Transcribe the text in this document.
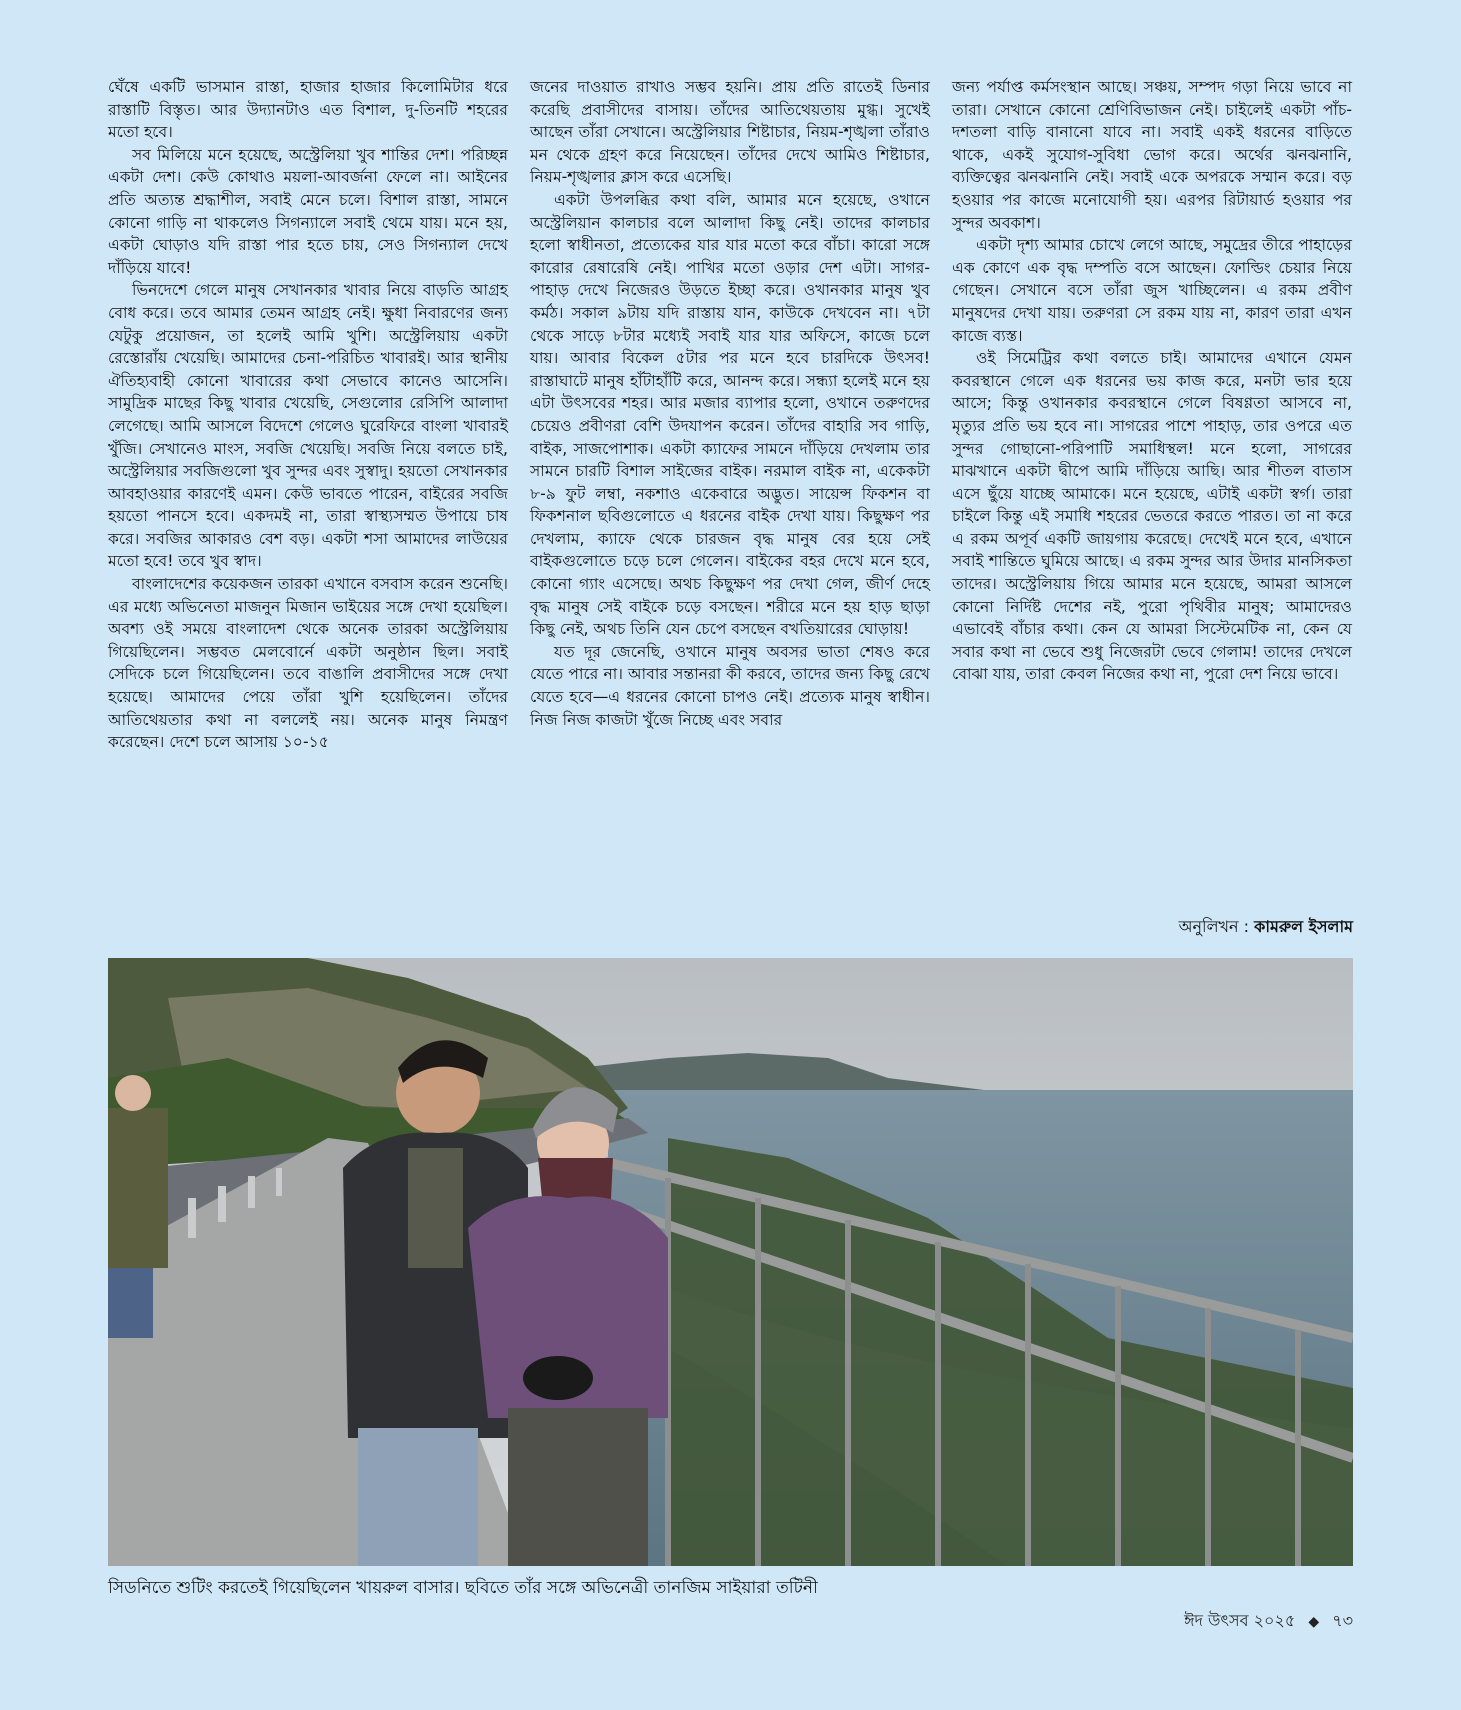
ঘেঁষে একটি ভাসমান রাস্তা, হাজার হাজার কিলোমিটার ধরে রাস্তাটি বিস্তৃত। আর উদ্যানটাও এত বিশাল, দু-তিনটি শহরের মতো হবে।

সব মিলিয়ে মনে হয়েছে, অস্ট্রেলিয়া খুব শান্তির দেশ। পরিচ্ছন্ন একটা দেশ। কেউ কোথাও ময়লা-আবর্জনা ফেলে না। আইনের প্রতি অত্যন্ত শ্রদ্ধাশীল, সবাই মেনে চলে। বিশাল রাস্তা, সামনে কোনো গাড়ি না থাকলেও সিগন্যালে সবাই থেমে যায়। মনে হয়, একটা ঘোড়াও যদি রাস্তা পার হতে চায়, সেও সিগন্যাল দেখে দাঁড়িয়ে যাবে!

ভিনদেশে গেলে মানুষ সেখানকার খাবার নিয়ে বাড়তি আগ্রহ বোধ করে। তবে আমার তেমন আগ্রহ নেই। ক্ষুধা নিবারণের জন্য যেটুকু প্রয়োজন, তা হলেই আমি খুশি। অস্ট্রেলিয়ায় একটা রেস্তোরাঁয় খেয়েছি। আমাদের চেনা-পরিচিত খাবারই। আর স্থানীয় ঐতিহ্যবাহী কোনো খাবারের কথা সেভাবে কানেও আসেনি। সামুদ্রিক মাছের কিছু খাবার খেয়েছি, সেগুলোর রেসিপি আলাদা লেগেছে। আমি আসলে বিদেশে গেলেও ঘুরেফিরে বাংলা খাবারই খুঁজি। সেখানেও মাংস, সবজি খেয়েছি। সবজি নিয়ে বলতে চাই, অস্ট্রেলিয়ার সবজিগুলো খুব সুন্দর এবং সুস্বাদু। হয়তো সেখানকার আবহাওয়ার কারণেই এমন। কেউ ভাবতে পারেন, বাইরের সবজি হয়তো পানসে হবে। একদমই না, তারা স্বাস্থ্যসম্মত উপায়ে চাষ করে। সবজির আকারও বেশ বড়। একটা শসা আমাদের লাউয়ের মতো হবে! তবে খুব স্বাদ।

বাংলাদেশের কয়েকজন তারকা এখানে বসবাস করেন শুনেছি। এর মধ্যে অভিনেতা মাজনুন মিজান ভাইয়ের সঙ্গে দেখা হয়েছিল। অবশ্য ওই সময়ে বাংলাদেশ থেকে অনেক তারকা অস্ট্রেলিয়ায় গিয়েছিলেন। সম্ভবত মেলবোর্নে একটা অনুষ্ঠান ছিল। সবাই সেদিকে চলে গিয়েছিলেন। তবে বাঙালি প্রবাসীদের সঙ্গে দেখা হয়েছে। আমাদের পেয়ে তাঁরা খুশি হয়েছিলেন। তাঁদের আতিথেয়তার কথা না বললেই নয়। অনেক মানুষ নিমন্ত্রণ করেছেন। দেশে চলে আসায় ১০-১৫

জনের দাওয়াত রাখাও সম্ভব হয়নি। প্রায় প্রতি রাতেই ডিনার করেছি প্রবাসীদের বাসায়। তাঁদের আতিথেয়তায় মুগ্ধ। সুখেই আছেন তাঁরা সেখানে। অস্ট্রেলিয়ার শিষ্টাচার, নিয়ম-শৃঙ্খলা তাঁরাও মন থেকে গ্রহণ করে নিয়েছেন। তাঁদের দেখে আমিও শিষ্টাচার, নিয়ম-শৃঙ্খলার ক্লাস করে এসেছি।

একটা উপলব্ধির কথা বলি, আমার মনে হয়েছে, ওখানে অস্ট্রেলিয়ান কালচার বলে আলাদা কিছু নেই। তাদের কালচার হলো স্বাধীনতা, প্রত্যেকের যার যার মতো করে বাঁচা। কারো সঙ্গে কারোর রেষারেষি নেই। পাখির মতো ওড়ার দেশ এটা। সাগর-পাহাড় দেখে নিজেরও উড়তে ইচ্ছা করে। ওখানকার মানুষ খুব কর্মঠ। সকাল ৯টায় যদি রাস্তায় যান, কাউকে দেখবেন না। ৭টা থেকে সাড়ে ৮টার মধ্যেই সবাই যার যার অফিসে, কাজে চলে যায়। আবার বিকেল ৫টার পর মনে হবে চারদিকে উৎসব! রাস্তাঘাটে মানুষ হাঁটাহাঁটি করে, আনন্দ করে। সন্ধ্যা হলেই মনে হয় এটা উৎসবের শহর। আর মজার ব্যাপার হলো, ওখানে তরুণদের চেয়েও প্রবীণরা বেশি উদযাপন করেন। তাঁদের বাহারি সব গাড়ি, বাইক, সাজপোশাক। একটা ক্যাফের সামনে দাঁড়িয়ে দেখলাম তার সামনে চারটি বিশাল সাইজের বাইক। নরমাল বাইক না, একেকটা ৮-৯ ফুট লম্বা, নকশাও একেবারে অদ্ভুত। সায়েন্স ফিকশন বা ফিকশনাল ছবিগুলোতে এ ধরনের বাইক দেখা যায়। কিছুক্ষণ পর দেখলাম, ক্যাফে থেকে চারজন বৃদ্ধ মানুষ বের হয়ে সেই বাইকগুলোতে চড়ে চলে গেলেন। বাইকের বহর দেখে মনে হবে, কোনো গ্যাং এসেছে। অথচ কিছুক্ষণ পর দেখা গেল, জীর্ণ দেহে বৃদ্ধ মানুষ সেই বাইকে চড়ে বসছেন। শরীরে মনে হয় হাড় ছাড়া কিছু নেই, অথচ তিনি যেন চেপে বসছেন বখতিয়ারের ঘোড়ায়!

যত দূর জেনেছি, ওখানে মানুষ অবসর ভাতা শেষও করে যেতে পারে না। আবার সন্তানরা কী করবে, তাদের জন্য কিছু রেখে যেতে হবে—এ ধরনের কোনো চাপও নেই। প্রত্যেক মানুষ স্বাধীন। নিজ নিজ কাজটা খুঁজে নিচ্ছে এবং সবার

জন্য পর্যাপ্ত কর্মসংস্থান আছে। সঞ্চয়, সম্পদ গড়া নিয়ে ভাবে না তারা। সেখানে কোনো শ্রেণিবিভাজন নেই। চাইলেই একটা পাঁচ-দশতলা বাড়ি বানানো যাবে না। সবাই একই ধরনের বাড়িতে থাকে, একই সুযোগ-সুবিধা ভোগ করে। অর্থের ঝনঝনানি, ব্যক্তিত্বের ঝনঝনানি নেই। সবাই একে অপরকে সম্মান করে। বড় হওয়ার পর কাজে মনোযোগী হয়। এরপর রিটায়ার্ড হওয়ার পর সুন্দর অবকাশ।

একটা দৃশ্য আমার চোখে লেগে আছে, সমুদ্রের তীরে পাহাড়ের এক কোণে এক বৃদ্ধ দম্পতি বসে আছেন। ফোল্ডিং চেয়ার নিয়ে গেছেন। সেখানে বসে তাঁরা জুস খাচ্ছিলেন। এ রকম প্রবীণ মানুষদের দেখা যায়। তরুণরা সে রকম যায় না, কারণ তারা এখন কাজে ব্যস্ত।

ওই সিমেট্রির কথা বলতে চাই। আমাদের এখানে যেমন কবরস্থানে গেলে এক ধরনের ভয় কাজ করে, মনটা ভার হয়ে আসে; কিন্তু ওখানকার কবরস্থানে গেলে বিষণ্ণতা আসবে না, মৃত্যুর প্রতি ভয় হবে না। সাগরের পাশে পাহাড়, তার ওপরে এত সুন্দর গোছানো-পরিপাটি সমাধিস্থল! মনে হলো, সাগরের মাঝখানে একটা দ্বীপে আমি দাঁড়িয়ে আছি। আর শীতল বাতাস এসে ছুঁয়ে যাচ্ছে আমাকে। মনে হয়েছে, এটাই একটা স্বর্গ। তারা চাইলে কিন্তু এই সমাধি শহরের ভেতরে করতে পারত। তা না করে এ রকম অপূর্ব একটি জায়গায় করেছে। দেখেই মনে হবে, এখানে সবাই শান্তিতে ঘুমিয়ে আছে। এ রকম সুন্দর আর উদার মানসিকতা তাদের। অস্ট্রেলিয়ায় গিয়ে আমার মনে হয়েছে, আমরা আসলে কোনো নির্দিষ্ট দেশের নই, পুরো পৃথিবীর মানুষ; আমাদেরও এভাবেই বাঁচার কথা। কেন যে আমরা সিস্টেমেটিক না, কেন যে সবার কথা না ভেবে শুধু নিজেরটা ভেবে গেলাম! তাদের দেখলে বোঝা যায়, তারা কেবল নিজের কথা না, পুরো দেশ নিয়ে ভাবে।

অনুলিখন : কামরুল ইসলাম
সিডনিতে শুটিং করতেই গিয়েছিলেন খায়রুল বাসার। ছবিতে তাঁর সঙ্গে অভিনেত্রী তানজিম সাইয়ারা তটিনী
ঈদ উৎসব ২০২৫ ◆ ৭৩
